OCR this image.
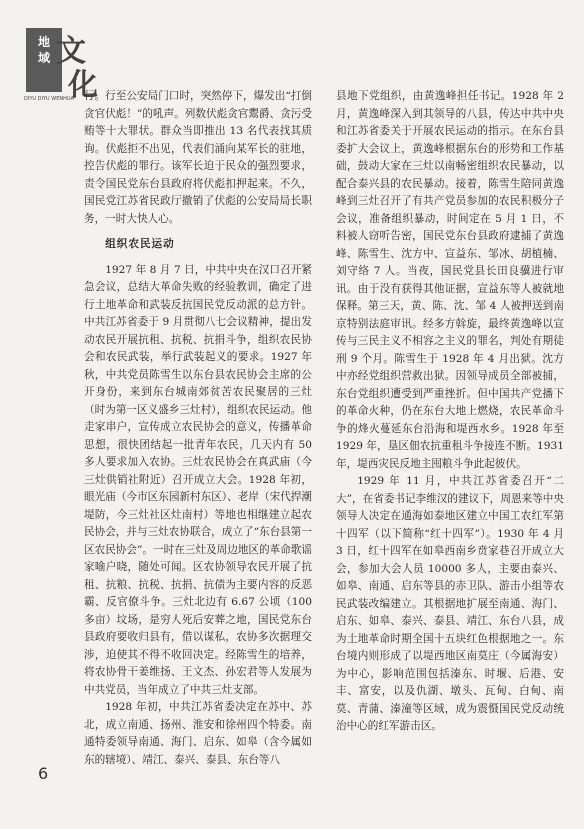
地
域 文
化
DIYU DIYU WENHUA 行。行至公安局门口时，突然停下，爆发出“打倒贪官伏彪！”的吼声。列数伏彪贪官鬻爵、贪污受贿等十大罪状。群众当即推出 13 名代表找其质询。伏彪拒不出见，代表们涌向某军长的驻地，控告伏彪的罪行。该军长迫于民众的强烈要求，责令国民党东台县政府将伏彪扣押起来。不久，国民党江苏省民政厅撤销了伏彪的公安局局长职务，一时大快人心。

组织农民运动

1927 年 8 月 7 日，中共中央在汉口召开紧急会议，总结大革命失败的经验教训，确定了进行土地革命和武装反抗国民党反动派的总方针。中共江苏省委于 9 月贯彻八七会议精神，提出发动农民开展抗租、抗税、抗捐斗争，组织农民协会和农民武装，举行武装起义的要求。1927 年秋，中共党员陈雪生以东台县农民协会主席的公开身份，来到东台城南郊贫苦农民聚居的三灶（时为第一区义盛乡三灶村），组织农民运动。他走家串户，宣传成立农民协会的意义，传播革命思想，很快团结起一批青年农民，几天内有 50 多人要求加入农协。三灶农民协会在真武庙（今三灶供销社附近）召开成立大会。1928 年初，眼光庙（今市区东园新村东区）、老岸（宋代捍潮堤防，今三灶社区灶南村）等地也相继建立起农民协会，并与三灶农协联合，成立了“东台县第一区农民协会”。一时在三灶及周边地区的革命歌谣家喻户晓，随处可闻。区农协领导农民开展了抗租、抗粮、抗税、抗捐、抗债为主要内容的反恶霸、反官僚斗争。三灶北边有 6.67 公顷（100 多亩）坟场，是穷人死后安葬之地，国民党东台县政府要收归县有，借以谋私，农协多次据理交涉，迫使其不得不收回决定。经陈雪生的培养，将农协骨干姜维扬、王文杰、孙宏君等人发展为中共党员，当年成立了中共三灶支部。

1928 年初，中共江苏省委决定在苏中、苏北，成立南通、扬州、淮安和徐州四个特委。南通特委领导南通、海门、启东、如皋（含今属如东的辖境）、靖江、泰兴、泰县、东台等八

县地下党组织，由黄逸峰担任书记。1928 年 2 月，黄逸峰深入到其领导的八县，传达中共中央和江苏省委关于开展农民运动的指示。在东台县委扩大会议上，黄逸峰根据东台的形势和工作基础，鼓动大家在三灶以南畅密组织农民暴动，以配合泰兴县的农民暴动。接着，陈雪生陪同黄逸峰到三灶召开了有共产党员参加的农民积极分子会议，准备组织暴动，时间定在 5 月 1 日，不料被人窃听告密，国民党东台县政府逮捕了黄逸峰、陈雪生、沈方中、宣益东、邹冰、胡植楠、刘守络 7 人。当夜，国民党县长田良骥进行审讯。由于没有获得其他证据，宣益东等人被就地保释。第三天，黄、陈、沈、邹 4 人被押送到南京特别法庭审讯。经多方斡旋，最终黄逸峰以宣传与三民主义不相容之主义的罪名，判处有期徒刑 9 个月。陈雪生于 1928 年 4 月出狱。沈方中亦经党组织营救出狱。因领导成员全部被捕，东台党组织遭受到严重挫折。但中国共产党播下的革命火种，仍在东台大地上燃烧，农民革命斗争的烽火蔓延东台沿海和堤西水乡。1928 年至 1929 年，垦区佃农抗重租斗争接连不断。1931 年，堤西灾民反地主囤粮斗争此起彼伏。

1929 年 11 月，中共江苏省委召开“二大”，在省委书记李维汉的建议下，周恩来等中央领导人决定在通海如泰地区建立中国工农红军第十四军（以下简称“红十四军”）。1930 年 4 月 3 日，红十四军在如皋西南乡贲家巷召开成立大会，参加大会人员 10000 多人，主要由泰兴、如皋、南通、启东等县的赤卫队、游击小组等农民武装改编建立。其根据地扩展至南通、海门、启东、如皋、泰兴、泰县、靖江、东台八县，成为土地革命时期全国十五块红色根据地之一。东台境内则形成了以堤西地区南莫庄（今属海安）为中心，影响范围包括溱东、时堰、后港、安丰、富安，以及仇湖、墩头、瓦甸、白甸、南莫、青蒲、溱潼等区域，成为震慑国民党反动统治中心的红军游击区。

6
